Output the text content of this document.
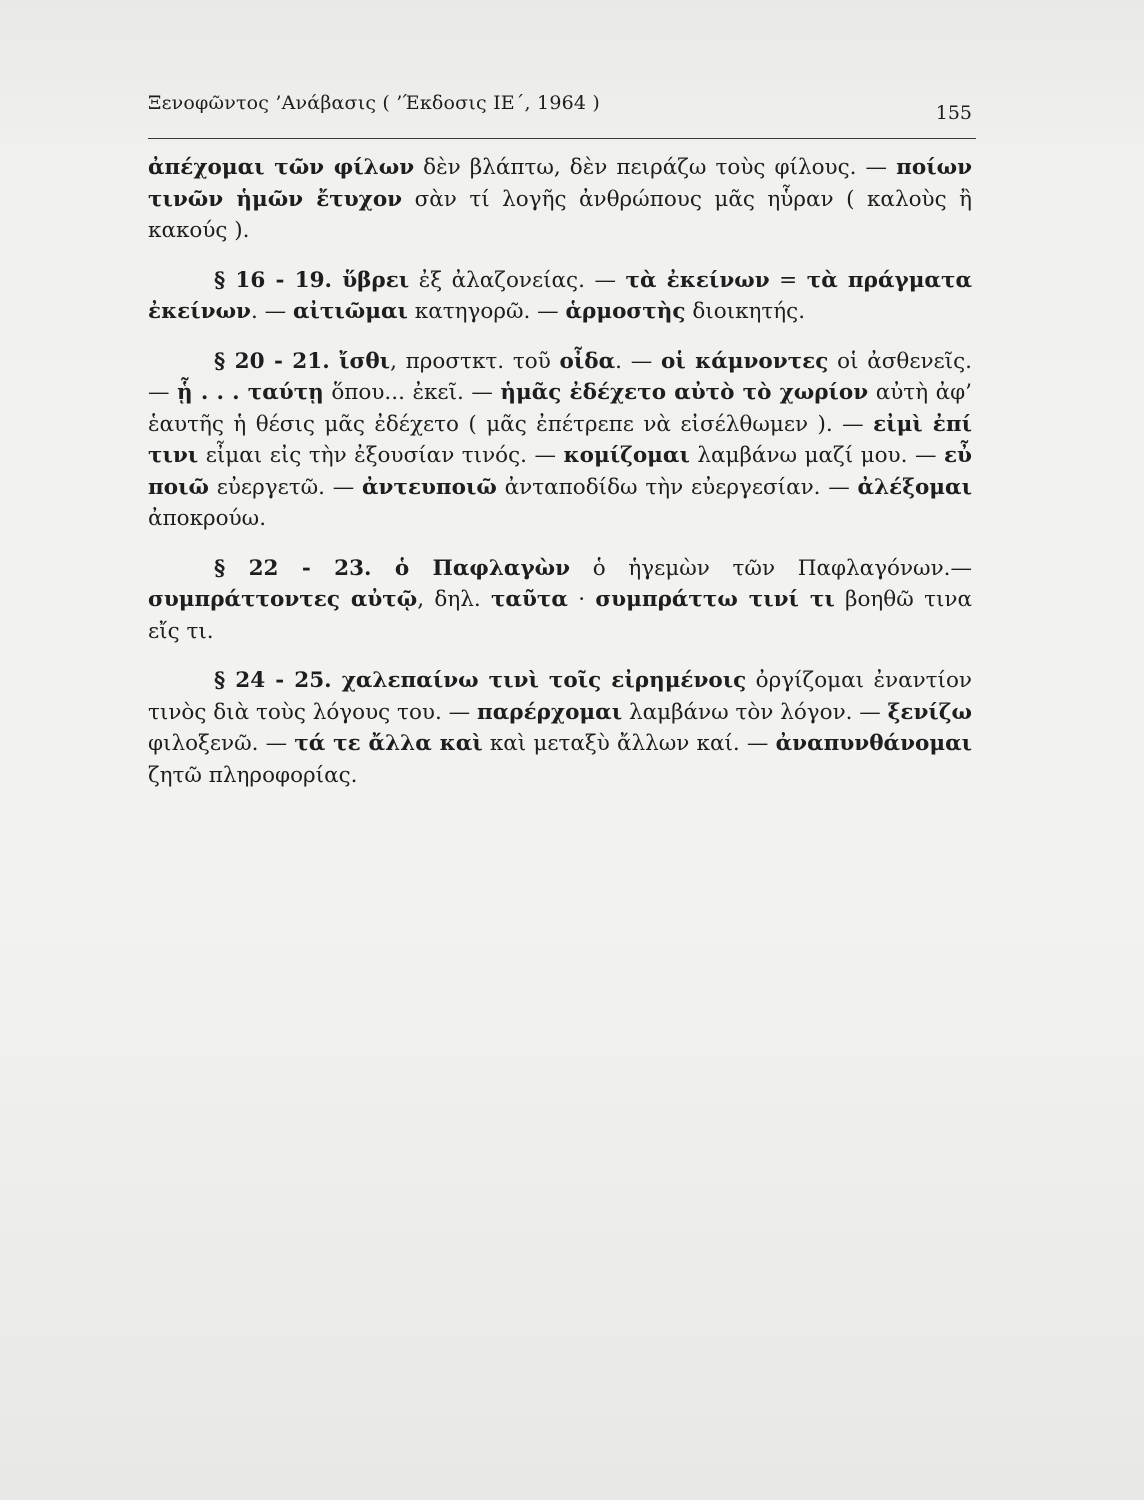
Ξενοφῶντος ’Ανάβασις ( ’Έκδοσις ΙΕ΄, 1964 )	155

ἀπέχομαι τῶν φίλων δὲν βλάπτω, δὲν πειράζω τοὺς φίλους. — ποίων τινῶν ἡμῶν ἔτυχον σὰν τί λογῆς ἀνθρώπους μᾶς ηὗραν ( καλοὺς ἢ κακούς ).

§ 16 - 19. ὕβρει ἐξ ἀλαζονείας. — τὰ ἐκείνων = τὰ πράγματα ἐκείνων. — αἰτιῶμαι κατηγορῶ. — ἁρμοστὴς διοικητής.

§ 20 - 21. ἴσθι, προστκτ. τοῦ οἶδα. — οἱ κάμνοντες οἱ ἀσθενεῖς. — ᾗ . . . ταύτῃ ὅπου... ἐκεῖ. — ἡμᾶς ἐδέχετο αὐτὸ τὸ χωρίον αὐτὴ ἀφ’ ἑαυτῆς ἡ θέσις μᾶς ἐδέχετο ( μᾶς ἐπέτρεπε νὰ εἰσέλθωμεν ). — εἰμὶ ἐπί τινι εἶμαι εἰς τὴν ἐξουσίαν τινός. — κομίζομαι λαμβάνω μαζί μου. — εὖ ποιῶ εὐεργετῶ. — ἀντευποιῶ ἀνταποδίδω τὴν εὐεργεσίαν. — ἀλέξομαι ἀποκρούω.

§ 22 - 23. ὁ Παφλαγὼν ὁ ἡγεμὼν τῶν Παφλαγόνων.— συμπράττοντες αὐτῷ, δηλ. ταῦτα · συμπράττω τινί τι βοηθῶ τινα εἴς τι.

§ 24 - 25. χαλεπαίνω τινὶ τοῖς εἰρημένοις ὀργίζομαι ἐναντίον τινὸς διὰ τοὺς λόγους του. — παρέρχομαι λαμβάνω τὸν λόγον. — ξενίζω φιλοξενῶ. — τά τε ἄλλα καὶ καὶ μεταξὺ ἄλλων καί. — ἀναπυνθάνομαι ζητῶ πληροφορίας.
